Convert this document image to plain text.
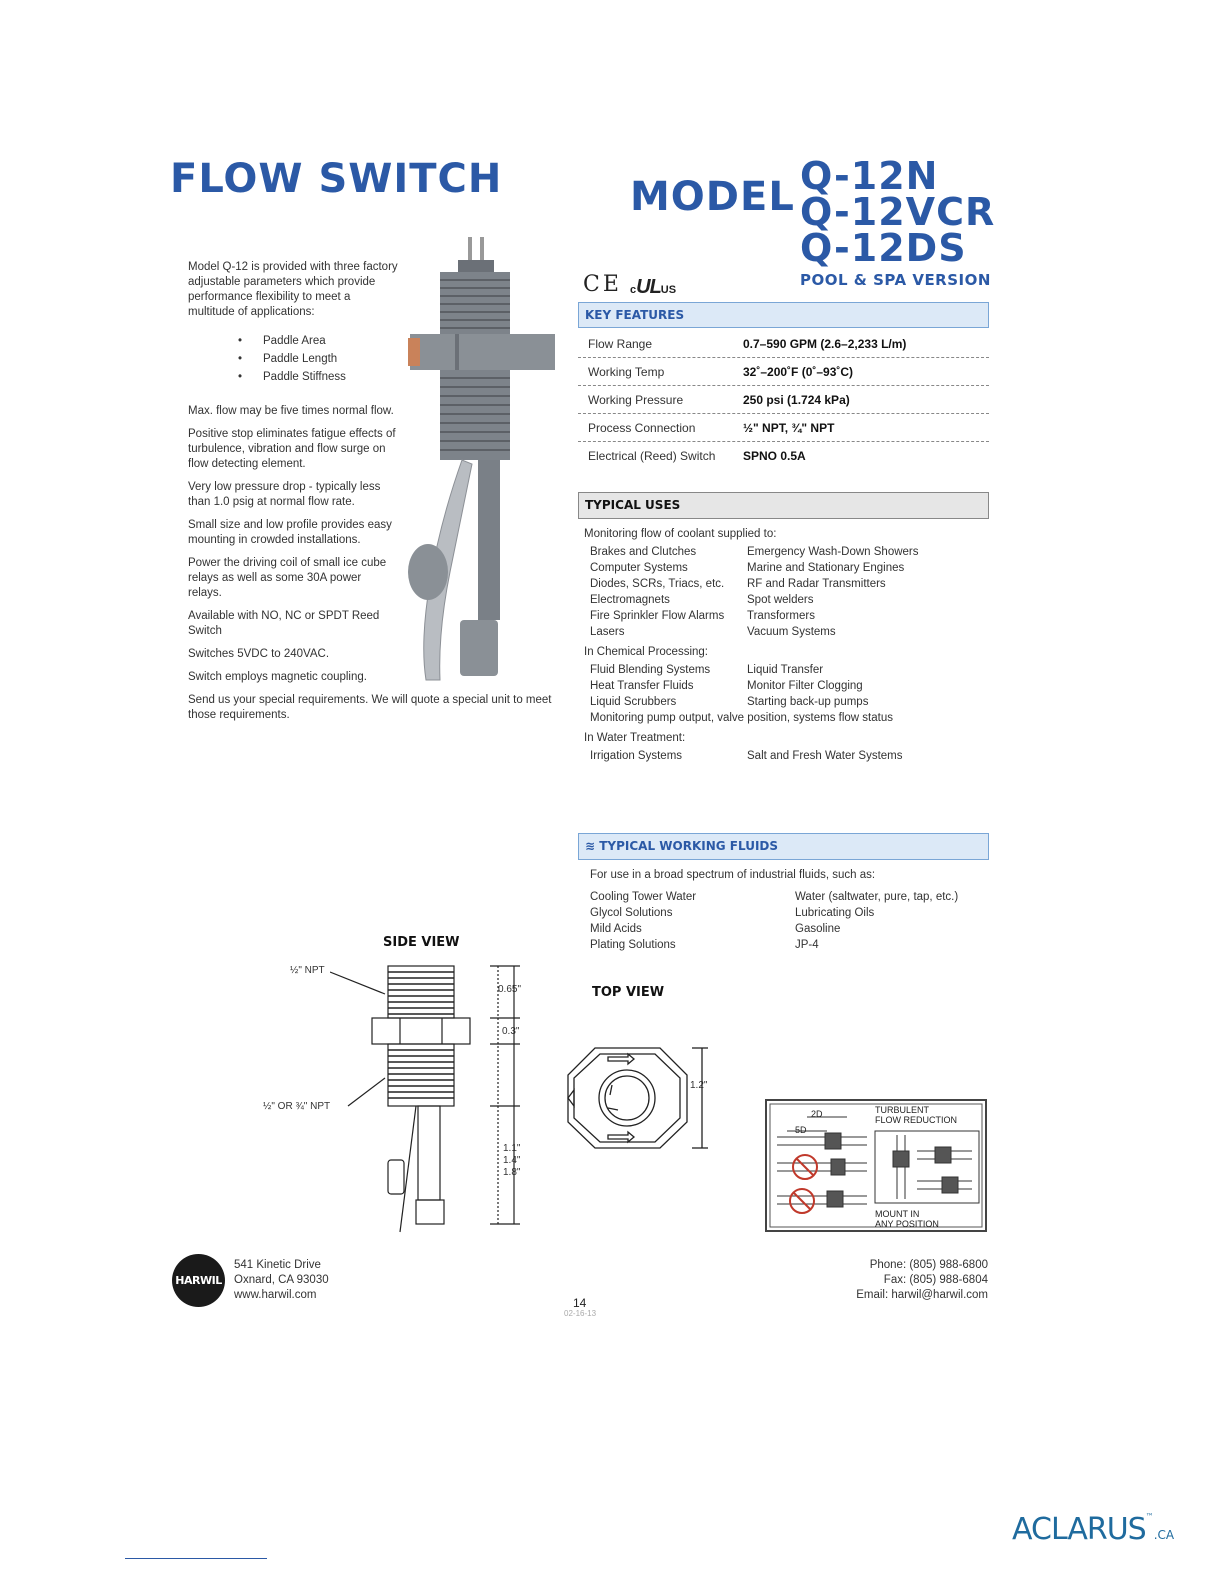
FLOW SWITCH	MODEL Q-12N
Q-12VCR
Q-12DS
POOL & SPA VERSION
CE cULUS

Model Q-12 is provided with three factory adjustable parameters which provide performance flexibility to meet a multitude of applications:

• Paddle Area
• Paddle Length
• Paddle Stiffness

Max. flow may be five times normal flow.

Positive stop eliminates fatigue effects of turbulence, vibration and flow surge on flow detecting element.

Very low pressure drop - typically less than 1.0 psig at normal flow rate.

Small size and low profile provides easy mounting in crowded installations.

Power the driving coil of small ice cube relays as well as some 30A power relays.

Available with NO, NC or SPDT Reed Switch

Switches 5VDC to 240VAC.

Switch employs magnetic coupling.

Send us your special requirements. We will quote a special unit to meet those requirements.

KEY FEATURES
Flow Range	0.7–590 GPM (2.6–2,233 L/m)
Working Temp	32˚–200˚F (0˚–93˚C)
Working Pressure	250 psi (1.724 kPa)
Process Connection	½" NPT, ¾" NPT
Electrical (Reed) Switch	SPNO 0.5A
TYPICAL USES
Monitoring flow of coolant supplied to:
Brakes and Clutches	Emergency Wash-Down Showers
Computer Systems	Marine and Stationary Engines
Diodes, SCRs, Triacs, etc.	RF and Radar Transmitters
Electromagnets	Spot welders
Fire Sprinkler Flow Alarms	Transformers
Lasers	Vacuum Systems
In Chemical Processing:
Fluid Blending Systems	Liquid Transfer
Heat Transfer Fluids	Monitor Filter Clogging
Liquid Scrubbers	Starting back-up pumps
Monitoring pump output, valve position, systems flow status
In Water Treatment:
Irrigation Systems	Salt and Fresh Water Systems
≋ TYPICAL WORKING FLUIDS
For use in a broad spectrum of industrial fluids, such as:
Cooling Tower Water	Water (saltwater, pure, tap, etc.)
Glycol Solutions	Lubricating Oils
Mild Acids	Gasoline
Plating Solutions	JP-4
SIDE VIEW
½" NPT
½" OR ¾" NPT
0.65"
0.3"
1.1"
1.4"
1.8"
TOP VIEW
1.2"
TURBULENT
FLOW REDUCTION
MOUNT IN
ANY POSITION
2D
5D
HARWIL
541 Kinetic Drive
Oxnard, CA 93030
www.harwil.com
Phone: (805) 988-6800
Fax: (805) 988-6804
Email: harwil@harwil.com
14
02-16-13
ACLARUS™.CA
